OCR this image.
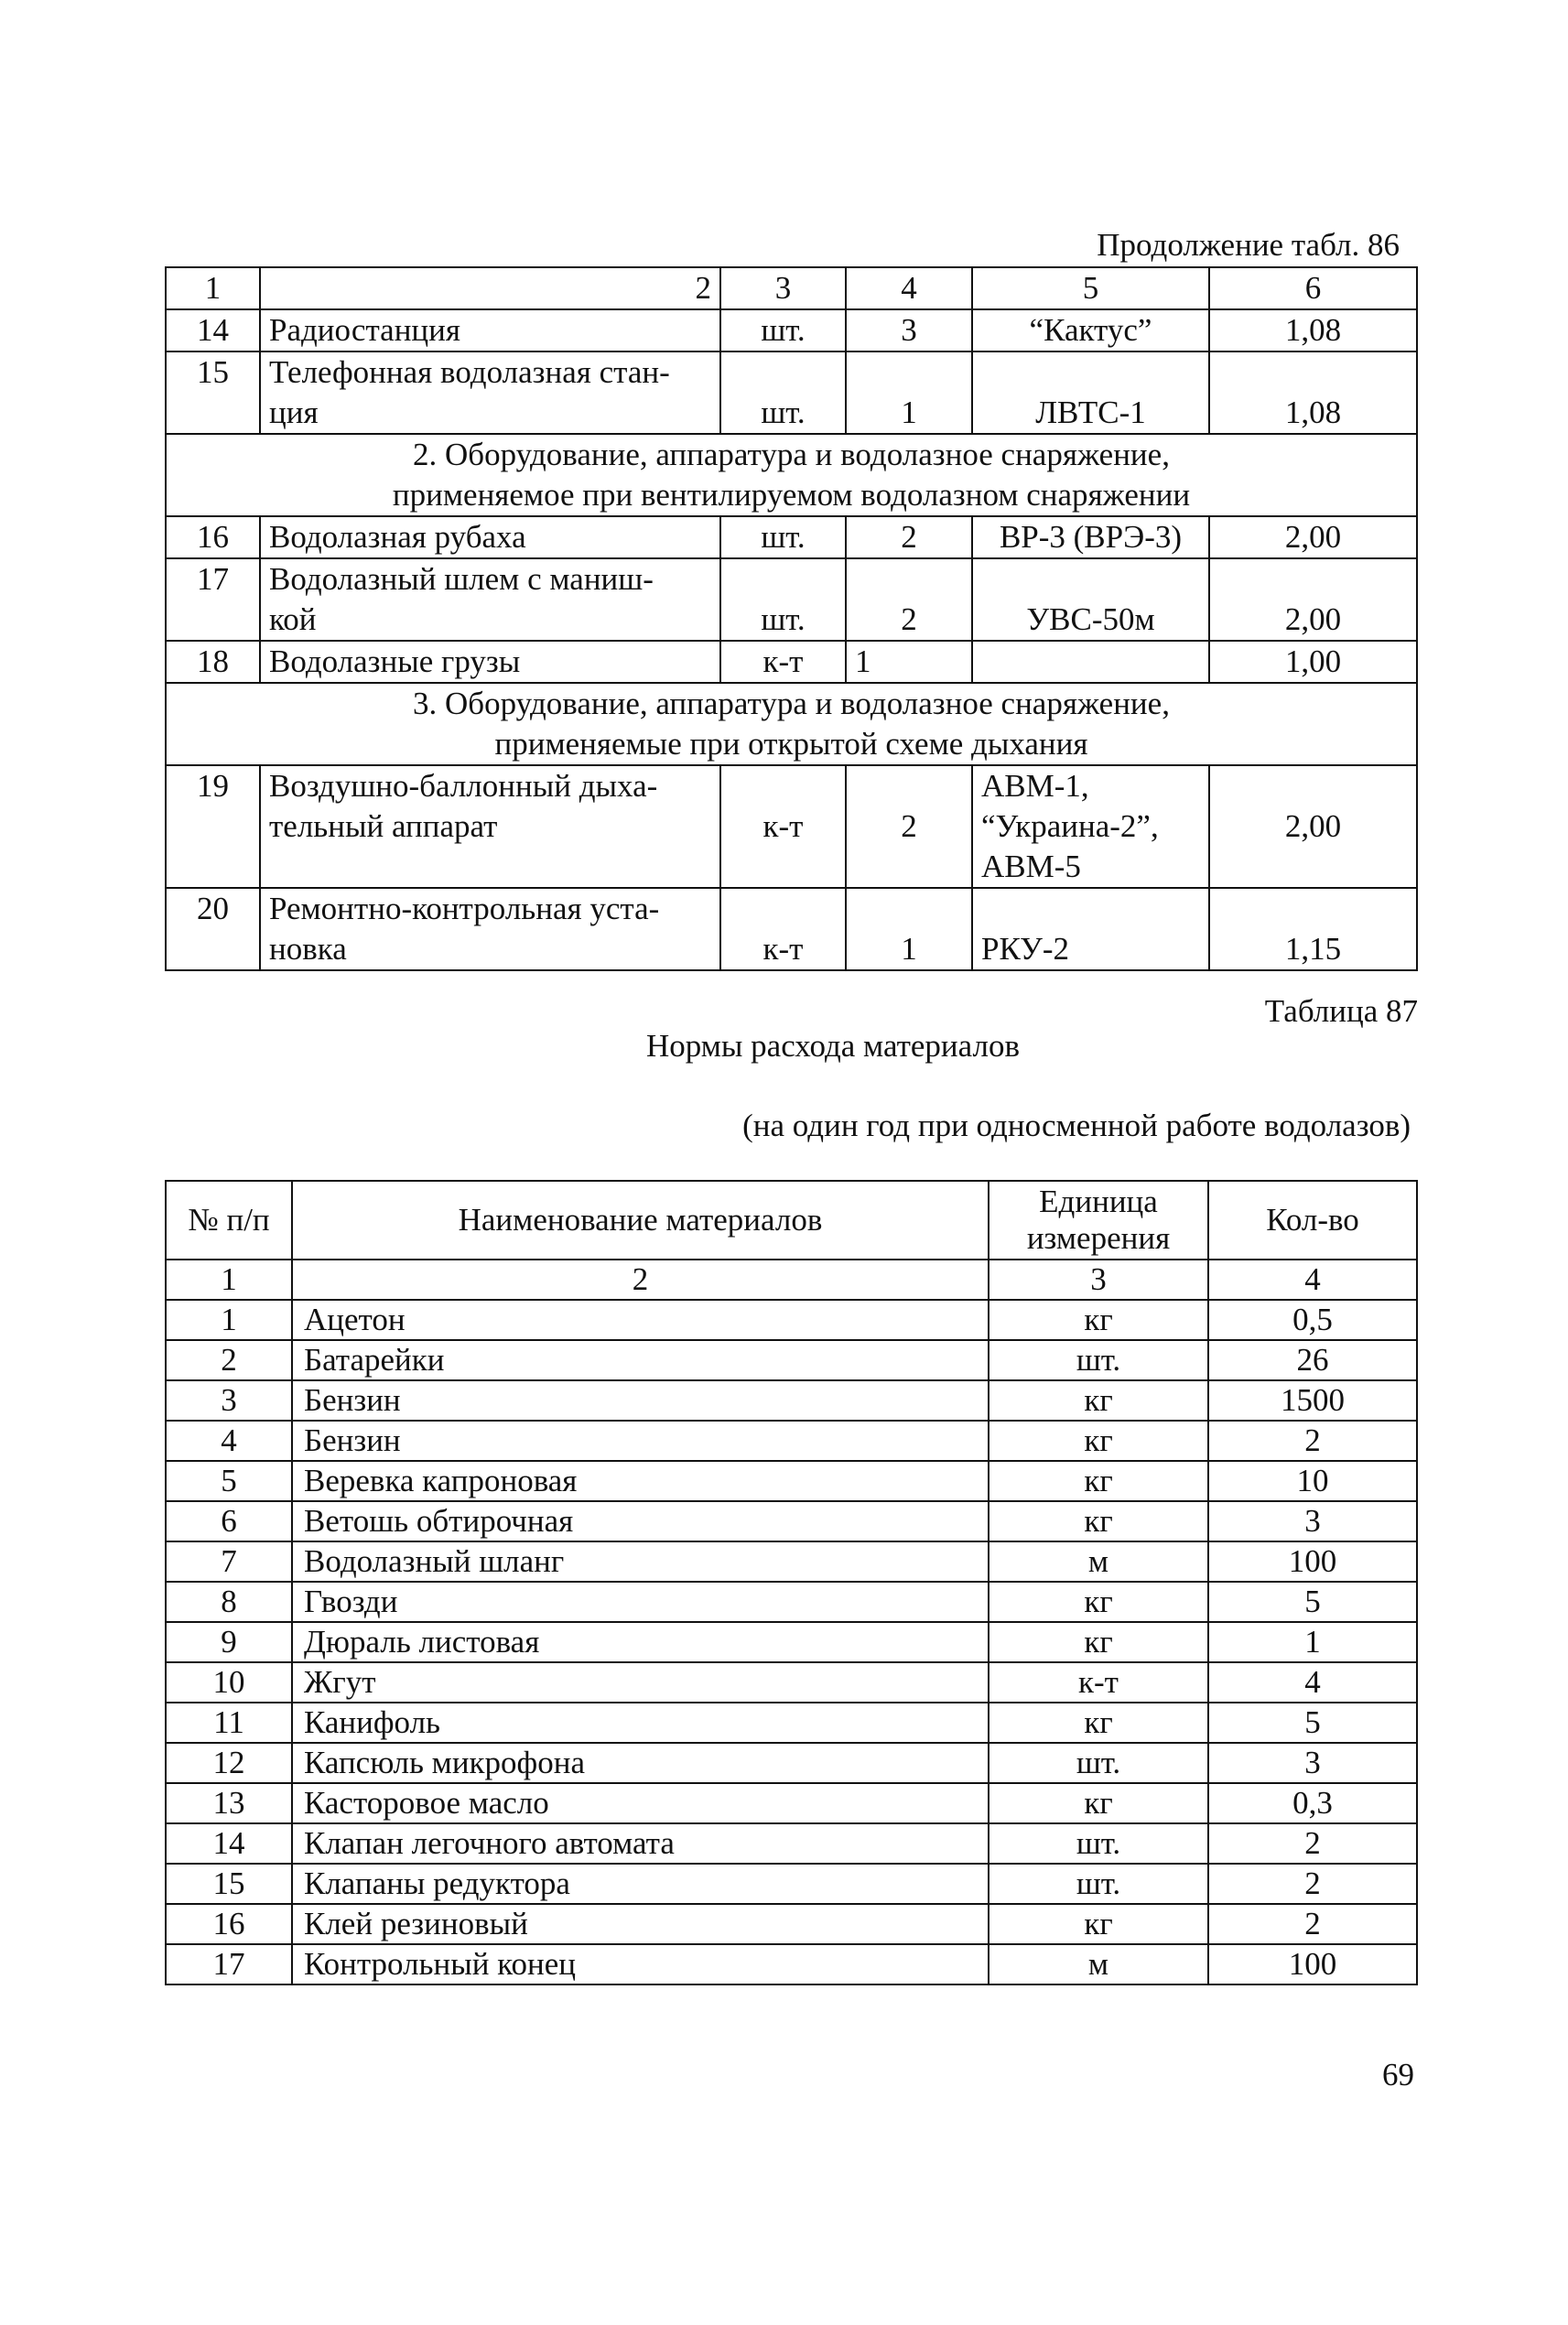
Продолжение табл. 86
1	2	3	4	5	6
14	Радиостанция	шт.	3	“Кактус”	1,08
15	Телефонная водолазная стан-ция	шт.	1	ЛВТС-1	1,08
2. Оборудование, аппаратура и водолазное снаряжение, применяемое при вентилируемом водолазном снаряжении					
16	Водолазная рубаха	шт.	2	ВР-3 (ВРЭ-3)	2,00
17	Водолазный шлем с маниш-кой	шт.	2	УВС-50м	2,00
18	Водолазные грузы	к-т	1		1,00
3. Оборудование, аппаратура и водолазное снаряжение, применяемые при открытой схеме дыхания					
19	Воздушно-баллонный дыха-тельный аппарат	к-т	2	АВМ-1, “Украина-2”, АВМ-5	2,00
20	Ремонтно-контрольная уста-новка	к-т	1	РКУ-2	1,15
Таблица 87
Нормы расхода материалов
(на один год при односменной работе водолазов)
№ п/п	Наименование материалов	Единица измерения	Кол-во
1	2	3	4
1	Ацетон	кг	0,5
2	Батарейки	шт.	26
3	Бензин	кг	1500
4	Бензин	кг	2
5	Веревка капроновая	кг	10
6	Ветошь обтирочная	кг	3
7	Водолазный шланг	м	100
8	Гвозди	кг	5
9	Дюраль листовая	кг	1
10	Жгут	к-т	4
11	Канифоль	кг	5
12	Капсюль микрофона	шт.	3
13	Касторовое масло	кг	0,3
14	Клапан легочного автомата	шт.	2
15	Клапаны редуктора	шт.	2
16	Клей резиновый	кг	2
17	Контрольный конец	м	100
69
